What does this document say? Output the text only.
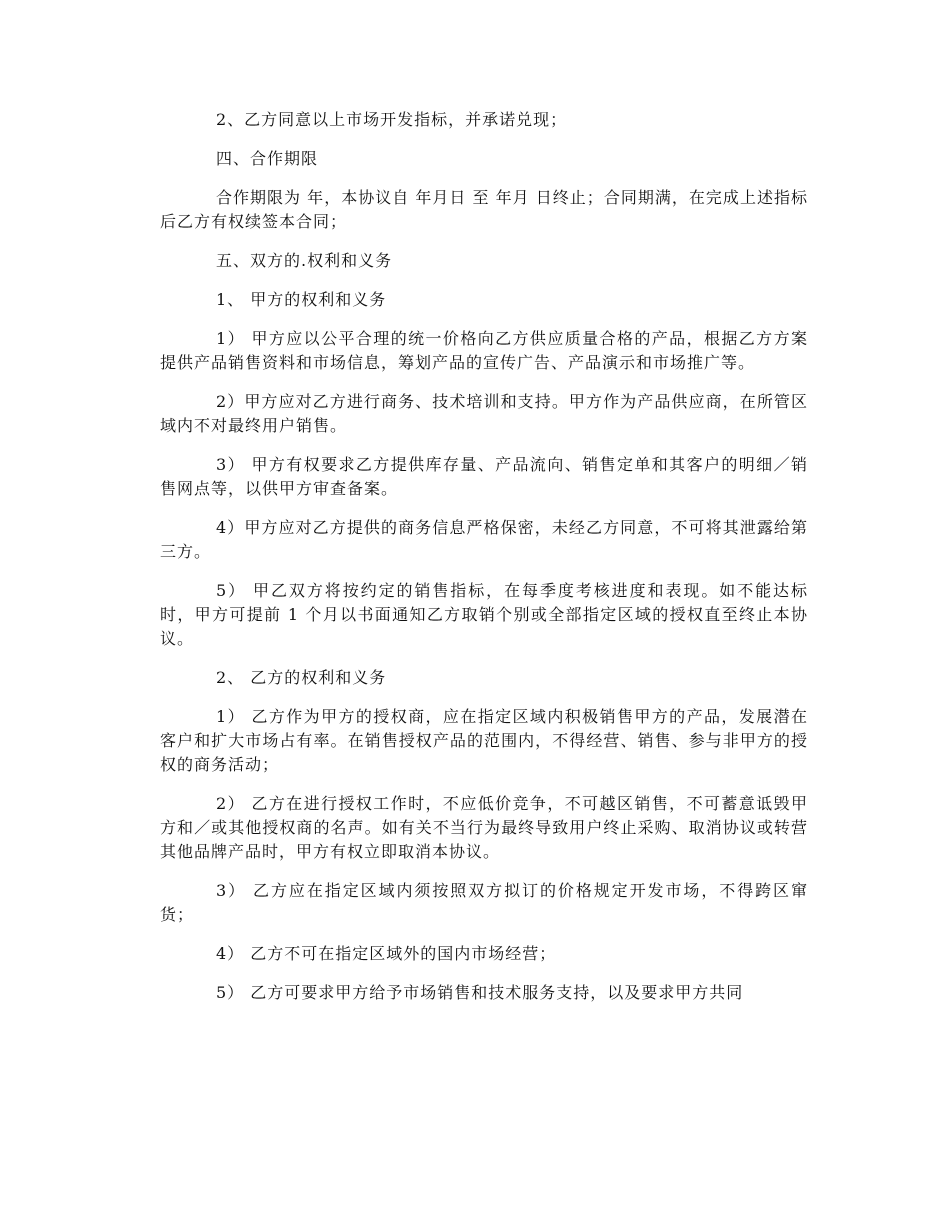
2、乙方同意以上市场开发指标，并承诺兑现；

四、合作期限

合作期限为 年，本协议自 年月日 至 年月 日终止；合同期满，在完成上述指标后乙方有权续签本合同；

五、双方的.权利和义务

1、 甲方的权利和义务

1） 甲方应以公平合理的统一价格向乙方供应质量合格的产品，根据乙方方案提供产品销售资料和市场信息，筹划产品的宣传广告、产品演示和市场推广等。

2）甲方应对乙方进行商务、技术培训和支持。甲方作为产品供应商，在所管区域内不对最终用户销售。

3） 甲方有权要求乙方提供库存量、产品流向、销售定单和其客户的明细／销售网点等，以供甲方审查备案。

4）甲方应对乙方提供的商务信息严格保密，未经乙方同意，不可将其泄露给第三方。

5） 甲乙双方将按约定的销售指标，在每季度考核进度和表现。如不能达标时，甲方可提前 1 个月以书面通知乙方取销个别或全部指定区域的授权直至终止本协议。

2、 乙方的权利和义务

1） 乙方作为甲方的授权商，应在指定区域内积极销售甲方的产品，发展潜在客户和扩大市场占有率。在销售授权产品的范围内，不得经营、销售、参与非甲方的授权的商务活动；

2） 乙方在进行授权工作时，不应低价竞争，不可越区销售，不可蓄意诋毁甲方和／或其他授权商的名声。如有关不当行为最终导致用户终止采购、取消协议或转营其他品牌产品时，甲方有权立即取消本协议。

3） 乙方应在指定区域内须按照双方拟订的价格规定开发市场，不得跨区窜货；

4） 乙方不可在指定区域外的国内市场经营；

5） 乙方可要求甲方给予市场销售和技术服务支持，以及要求甲方共同
